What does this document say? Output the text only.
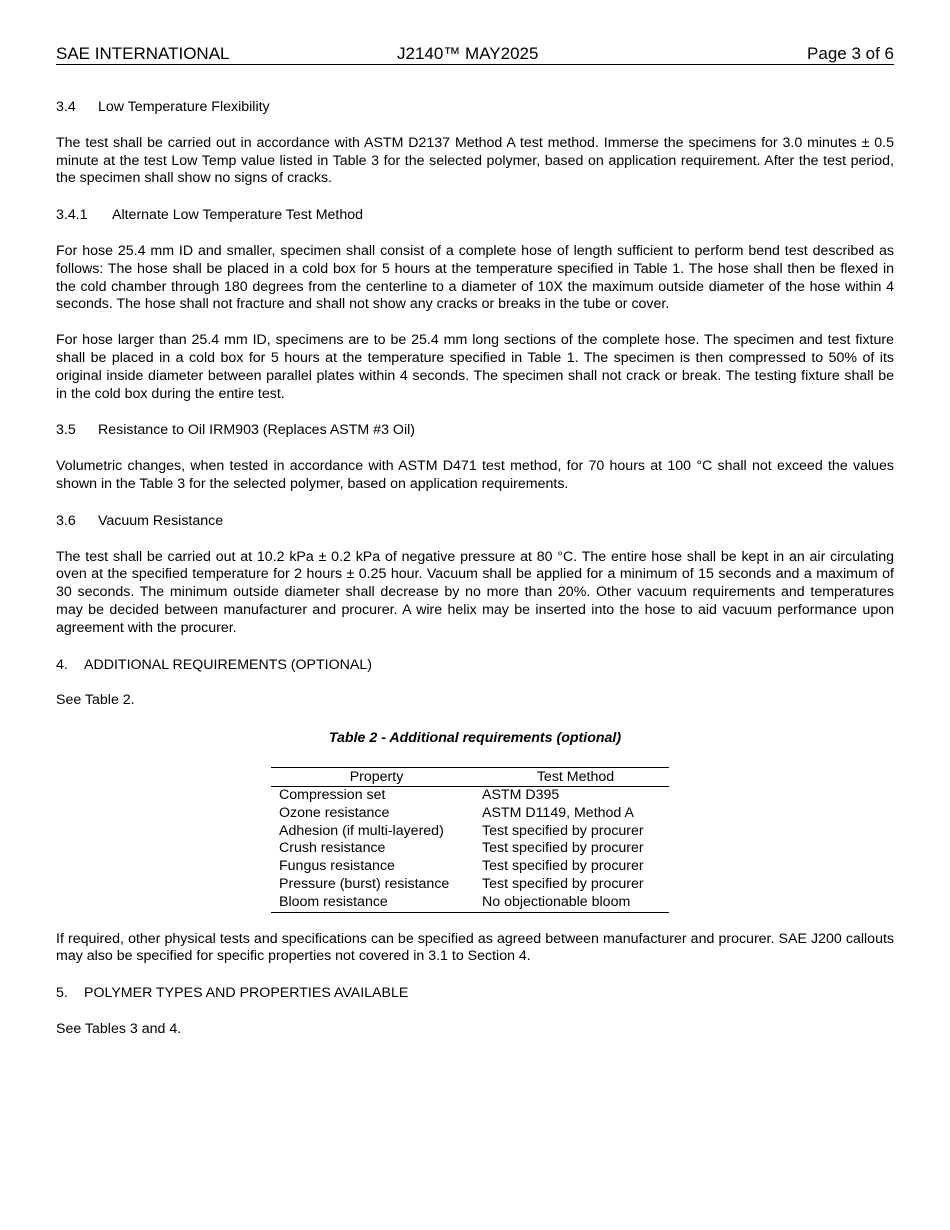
SAE INTERNATIONAL	J2140™ MAY2025	Page 3 of 6
3.4	Low Temperature Flexibility

The test shall be carried out in accordance with ASTM D2137 Method A test method. Immerse the specimens for 3.0 minutes ± 0.5 minute at the test Low Temp value listed in Table 3 for the selected polymer, based on application requirement. After the test period, the specimen shall show no signs of cracks.

3.4.1	Alternate Low Temperature Test Method

For hose 25.4 mm ID and smaller, specimen shall consist of a complete hose of length sufficient to perform bend test described as follows: The hose shall be placed in a cold box for 5 hours at the temperature specified in Table 1. The hose shall then be flexed in the cold chamber through 180 degrees from the centerline to a diameter of 10X the maximum outside diameter of the hose within 4 seconds. The hose shall not fracture and shall not show any cracks or breaks in the tube or cover.

For hose larger than 25.4 mm ID, specimens are to be 25.4 mm long sections of the complete hose. The specimen and test fixture shall be placed in a cold box for 5 hours at the temperature specified in Table 1. The specimen is then compressed to 50% of its original inside diameter between parallel plates within 4 seconds. The specimen shall not crack or break. The testing fixture shall be in the cold box during the entire test.

3.5	Resistance to Oil IRM903 (Replaces ASTM #3 Oil)

Volumetric changes, when tested in accordance with ASTM D471 test method, for 70 hours at 100 °C shall not exceed the values shown in the Table 3 for the selected polymer, based on application requirements.

3.6	Vacuum Resistance

The test shall be carried out at 10.2 kPa ± 0.2 kPa of negative pressure at 80 °C. The entire hose shall be kept in an air circulating oven at the specified temperature for 2 hours ± 0.25 hour. Vacuum shall be applied for a minimum of 15 seconds and a maximum of 30 seconds. The minimum outside diameter shall decrease by no more than 20%. Other vacuum requirements and temperatures may be decided between manufacturer and procurer. A wire helix may be inserted into the hose to aid vacuum performance upon agreement with the procurer.

4.	ADDITIONAL REQUIREMENTS (OPTIONAL)

See Table 2.

Table 2 - Additional requirements (optional)
Property	Test Method
Compression set	ASTM D395
Ozone resistance	ASTM D1149, Method A
Adhesion (if multi-layered)	Test specified by procurer
Crush resistance	Test specified by procurer
Fungus resistance	Test specified by procurer
Pressure (burst) resistance	Test specified by procurer
Bloom resistance	No objectionable bloom

If required, other physical tests and specifications can be specified as agreed between manufacturer and procurer. SAE J200 callouts may also be specified for specific properties not covered in 3.1 to Section 4.

5.	POLYMER TYPES AND PROPERTIES AVAILABLE

See Tables 3 and 4.
